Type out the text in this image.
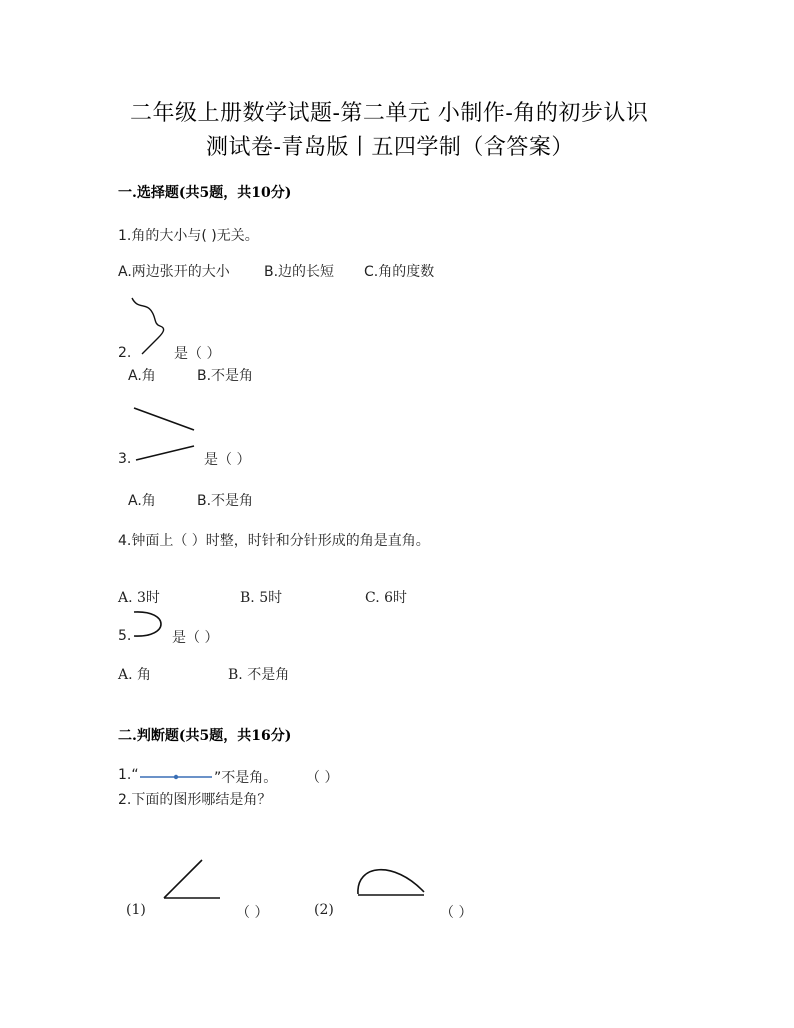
二年级上册数学试题-第二单元 小制作-角的初步认识
测试卷-青岛版丨五四学制（含答案）
一.选择题(共5题，共10分)
1.角的大小与( )无关。
A.两边张开的大小 B.边的长短 C.角的度数
2.	是（ ）
A.角	B.不是角
3.	是（ ）
A.角	B.不是角
4.钟面上（ ）时整，时针和分针形成的角是直角。
A. 3时	B. 5时	C. 6时
5.	是（ ）
A. 角	B. 不是角
二.判断题(共5题，共16分)
1.“	”不是角。 （ ）
2.下面的图形哪结是角？
(1)	（ ）	(2)	（ ）
